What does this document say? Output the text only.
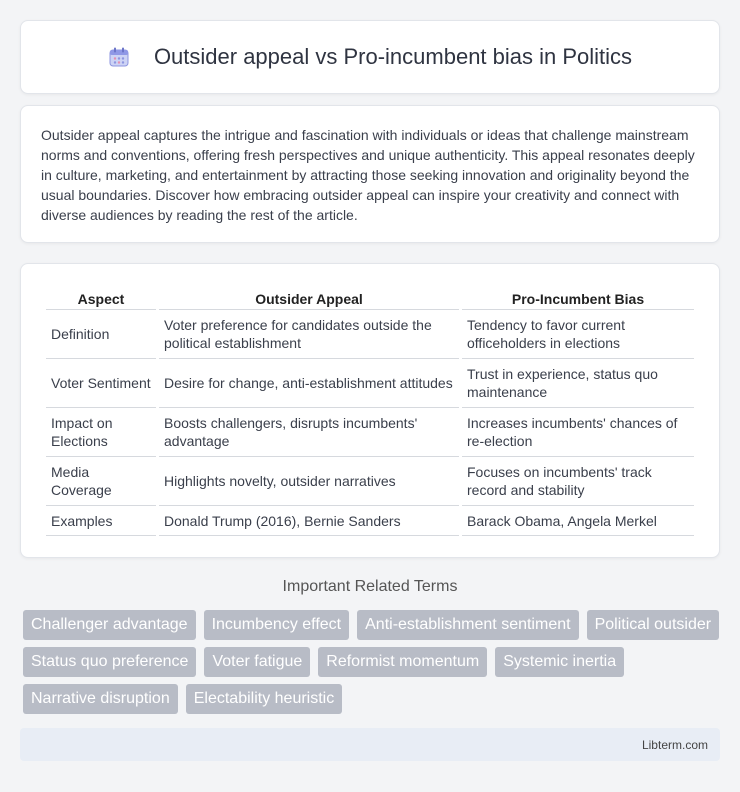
Outsider appeal vs Pro-incumbent bias in Politics

Outsider appeal captures the intrigue and fascination with individuals or ideas that challenge mainstream norms and conventions, offering fresh perspectives and unique authenticity. This appeal resonates deeply in culture, marketing, and entertainment by attracting those seeking innovation and originality beyond the usual boundaries. Discover how embracing outsider appeal can inspire your creativity and connect with diverse audiences by reading the rest of the article.

Aspect	Outsider Appeal	Pro-Incumbent Bias
Definition	Voter preference for candidates outside the political establishment	Tendency to favor current officeholders in elections
Voter Sentiment	Desire for change, anti-establishment attitudes	Trust in experience, status quo maintenance
Impact on Elections	Boosts challengers, disrupts incumbents' advantage	Increases incumbents' chances of re-election
Media Coverage	Highlights novelty, outsider narratives	Focuses on incumbents' track record and stability
Examples	Donald Trump (2016), Bernie Sanders	Barack Obama, Angela Merkel
Important Related Terms
Challenger advantage	Incumbency effect	Anti-establishment sentiment	Political outsider
Status quo preference	Voter fatigue	Reformist momentum	Systemic inertia
Narrative disruption	Electability heuristic
Libterm.com
